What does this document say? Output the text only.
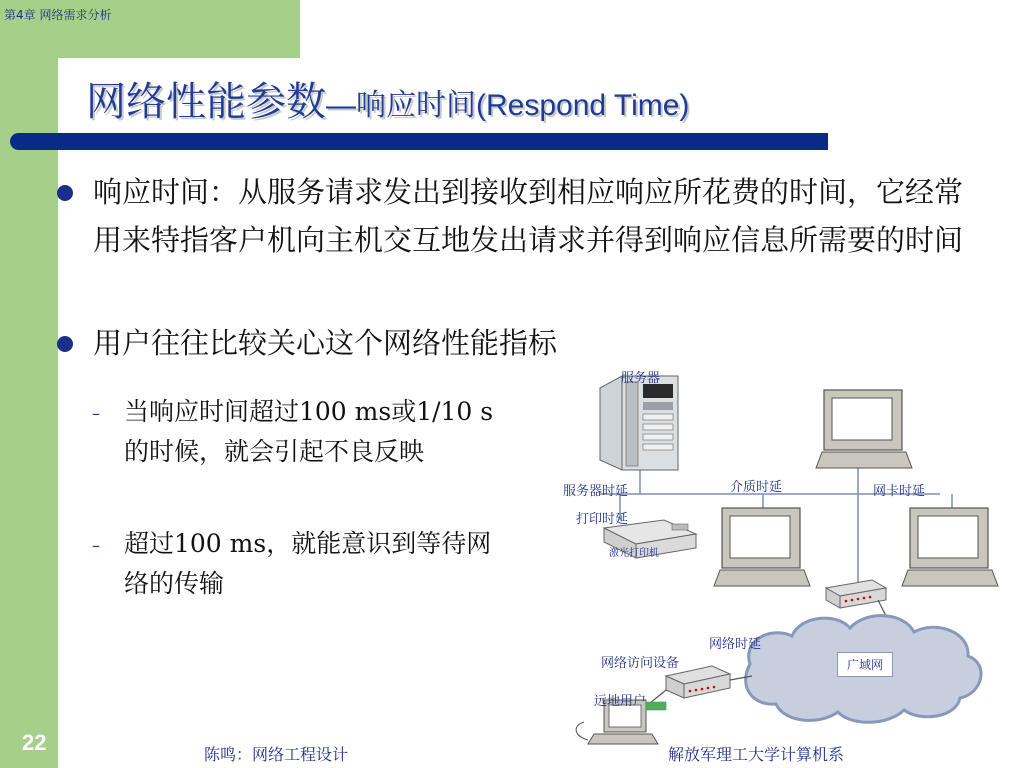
第4章 网络需求分析
网络性能参数—响应时间(Respond Time)
响应时间：从服务请求发出到接收到相应响应所花费的时间，它经常用来特指客户机向主机交互地发出请求并得到响应信息所需要的时间
用户往往比较关心这个网络性能指标
– 当响应时间超过100 ms或1/10 s的时候，就会引起不良反映
– 超过100 ms，就能意识到等待网络的传输
服务器
服务器时延	介质时延	网卡时延
打印时延
激光打印机
网络时延
网络访问设备	广域网
远地用户
22	陈鸣：网络工程设计	解放军理工大学计算机系
